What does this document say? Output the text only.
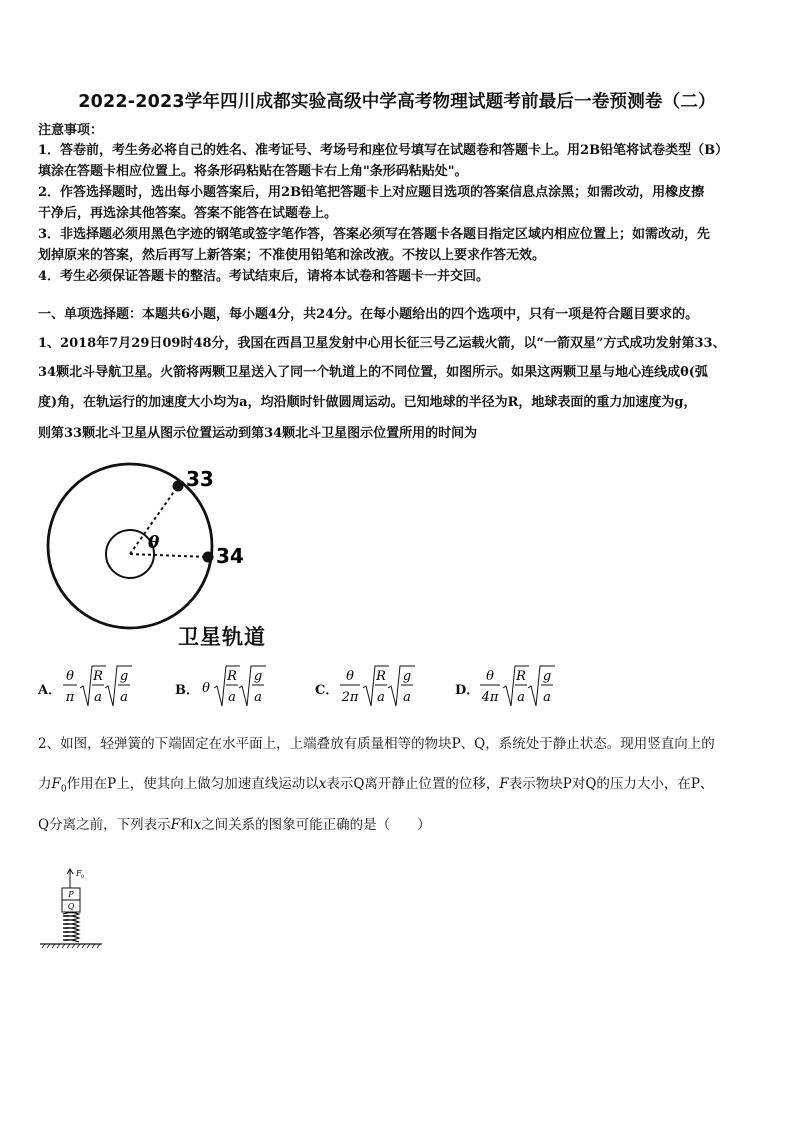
2022-2023学年四川成都实验高级中学高考物理试题考前最后一卷预测卷（二）
注意事项：
1．答卷前，考生务必将自己的姓名、准考证号、考场号和座位号填写在试题卷和答题卡上。用2B铅笔将试卷类型（B）
填涂在答题卡相应位置上。将条形码粘贴在答题卡右上角"条形码粘贴处"。
2．作答选择题时，选出每小题答案后，用2B铅笔把答题卡上对应题目选项的答案信息点涂黑；如需改动，用橡皮擦
干净后，再选涂其他答案。答案不能答在试题卷上。
3．非选择题必须用黑色字迹的钢笔或签字笔作答，答案必须写在答题卡各题目指定区域内相应位置上；如需改动，先
划掉原来的答案，然后再写上新答案；不准使用铅笔和涂改液。不按以上要求作答无效。
4．考生必须保证答题卡的整洁。考试结束后，请将本试卷和答题卡一并交回。
一、单项选择题：本题共6小题，每小题4分，共24分。在每小题给出的四个选项中，只有一项是符合题目要求的。
1、2018年7月29日09时48分，我国在西昌卫星发射中心用长征三号乙运载火箭，以“一箭双星”方式成功发射第33、
34颗北斗导航卫星。火箭将两颗卫星送入了同一个轨道上的不同位置，如图所示。如果这两颗卫星与地心连线成θ(弧
度)角，在轨运行的加速度大小均为a，均沿顺时针做圆周运动。已知地球的半径为R，地球表面的重力加速度为g，
则第33颗北斗卫星从图示位置运动到第34颗北斗卫星图示位置所用的时间为
33
34
θ
卫星轨道
A．
θ
π
R
a
g
a	B． θ
R
a
g
a	C．
θ
2π
R
a
g
a	D．
θ
4π
R
a
g
a
2、如图，轻弹簧的下端固定在水平面上，上端叠放有质量相等的物块P、Q，系统处于静止状态。现用竖直向上的
力$F_0$作用在P上，使其向上做匀加速直线运动以x表示Q离开静止位置的位移，F表示物块P对Q的压力大小，在P、
Q分离之前，下列表示F和x之间关系的图象可能正确的是（　　）
F 0
P
Q
